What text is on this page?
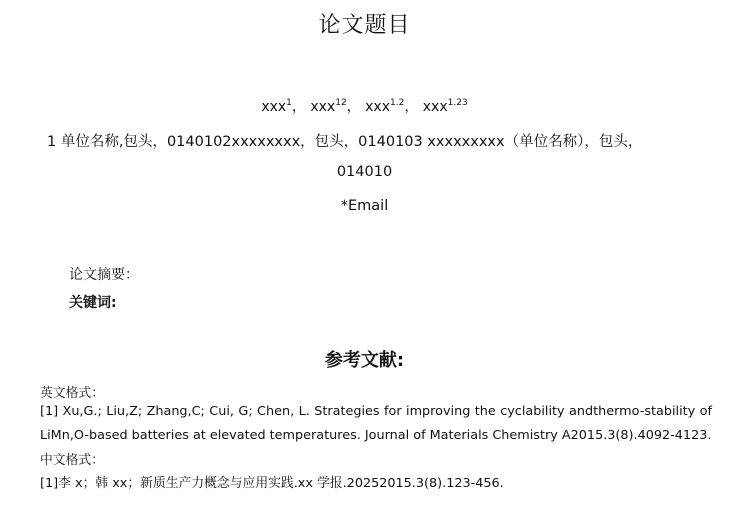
论文题目
xxx$^1$， xxx$^{12}$， xxx$^{1.2}$， xxx$^{1.23}$
1 单位名称,包头，0140102xxxxxxxx，包头，0140103 xxxxxxxxx（单位名称），包头，
014010
*Email
论文摘要：
关键词:
参考文献:
英文格式：
[1] Xu,G.; Liu,Z; Zhang,C; Cui, G; Chen, L. Strategies for improving the cyclability andthermo-stability of
LiMn,O-based batteries at elevated temperatures. Journal of Materials Chemistry A2015.3(8).4092-4123.
中文格式：
[1]李 x；韩 xx；新质生产力概念与应用实践.xx 学报.20252015.3(8).123-456.
